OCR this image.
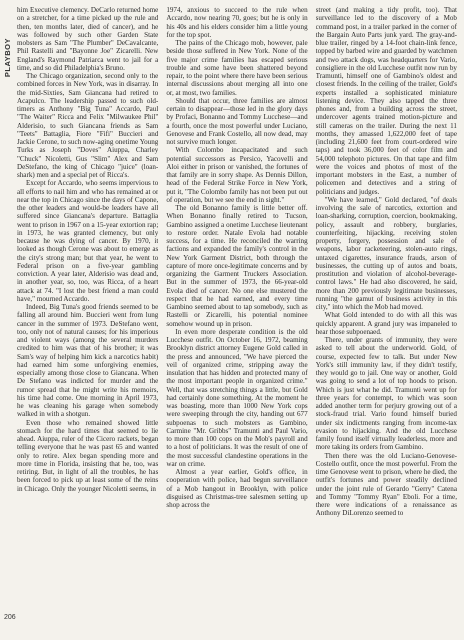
PLAYBOY

him Executive clemency. DeCarlo returned home on a stretcher, for a time picked up the rule and then, ten months later, died of cancer), and he was followed by such other Garden State mobsters as Sam "The Plumber" DeCavalcante, Phil Rastelli and "Bayonne Joe" Zicarelli. New England's Raymond Patriarca went to jail for a time, and so did Philadelphia's Bruno.

The Chicago organization, second only to the combined forces in New York, was in disarray. In the mid-Sixties, Sam Giancana had retired to Acapulco. The leadership passed to such old-timers as Anthony "Big Tuna" Accardo, Paul "The Waiter" Ricca and Felix "Milwaukee Phil" Alderisio, to such Giancana friends as Sam "Teets" Battaglia, Fiore "Fifi" Buccieri and Jackie Cerone, to such now-aging onetime Young Turks as Joseph "Doves" Aiuppa, Charley "Chuck" Nicoletti, Gus "Slim" Alex and Sam DeStefano, the king of Chicago "juice" (loan-shark) men and a special pet of Ricca's.

Except for Accardo, who seems impervious to all efforts to nail him and who has remained at or near the top in Chicago since the days of Capone, the other leaders and would-be leaders have all suffered since Giancana's departure. Battaglia went to prison in 1967 on a 15-year extortion rap; in 1973, he was granted clemency, but only because he was dying of cancer. By 1970, it looked as though Cerone was about to emerge as the city's strong man; but that year, he went to Federal prison on a five-year gambling conviction. A year later, Alderisio was dead and, in another year, so, too, was Ricca, of a heart attack at 74. "I lost the best friend a man could have," mourned Accardo.

Indeed, Big Tuna's good friends seemed to be falling all around him. Buccieri went from lung cancer in the summer of 1973. DeStefano went, too, only not of natural causes; for his imperious and violent ways (among the several murders credited to him was that of his brother; it was Sam's way of helping him kick a narcotics habit) had earned him some unforgiving enemies, especially among those close to Giancana. When De Stefano was indicted for murder and the rumor spread that he might write his memoirs, his time had come. One morning in April 1973, he was cleaning his garage when somebody walked in with a shotgun.

Even those who remained showed little stomach for the hard times that seemed to lie ahead. Aiuppa, ruler of the Cicero rackets, began telling everyone that he was past 65 and wanted only to retire. Alex began spending more and more time in Florida, insisting that he, too, was retiring. But, in light of all the troubles, he has been forced to pick up at least some of the reins in Chicago. Only the younger Nicoletti seems, in

1974, anxious to succeed to the rule when Accardo, now nearing 70, goes; but he is only in his 40s and his elders consider him a little young for the top spot.

The pains of the Chicago mob, however, pale beside those suffered in New York. None of the five major crime families has escaped serious trouble and some have been shattered beyond repair, to the point where there have been serious internal discussions about merging all into one or, at most, two families.

Should that occur, three families are almost certain to disappear—those led in the glory days by Profaci, Bonanno and Tommy Lucchese—and a fourth, once the most powerful under Luciano, Genovese and Frank Costello, all now dead, may not survive much longer.

With Colombo incapacitated and such potential successors as Persico, Yacovelli and Aloi either in prison or vanished, the fortunes of that family are in sorry shape. As Dennis Dillon, head of the Federal Strike Force in New York, put it, "The Colombo family has not been put out of operation, but we see the end in sight."

The old Bonanno family is little better off. When Bonanno finally retired to Tucson, Gambino assigned a onetime Lucchese lieutenant to restore order. Natale Evola had notable success, for a time. He reconciled the warring factions and expanded the family's control in the New York Garment District, both through the capture of more once-legitimate concerns and by organizing the Garment Truckers Association. But in the summer of 1973, the 66-year-old Evola died of cancer. No one else mustered the respect that he had earned, and every time Gambino seemed about to tap somebody, such as Rastelli or Zicarelli, his potential nominee somehow wound up in prison.

In even more desperate condition is the old Lucchese outfit. On October 16, 1972, beaming Brooklyn district attorney Eugene Gold called in the press and announced, "We have pierced the veil of organized crime, stripping away the insulation that has hidden and protected many of the most important people in organized crime." Well, that was stretching things a little, but Gold had certainly done something. At the moment he was boasting, more than 1000 New York cops were sweeping through the city, handing out 677 subpoenas to such mobsters as Gambino, Carmine "Mr. Gribbs" Tramunti and Paul Vario, to more than 100 cops on the Mob's payroll and to a host of politicians. It was the result of one of the most successful clandestine operations in the war on crime.

Almost a year earlier, Gold's office, in cooperation with police, had begun surveillance of a Mob hangout in Brooklyn, with police disguised as Christmas-tree salesmen setting up shop across the

street (and making a tidy profit, too). That surveillance led to the discovery of a Mob command post, in a trailer parked in the corner of the Bargain Auto Parts junk yard. The gray-and-blue trailer, ringed by a 14-foot chain-link fence, topped by barbed wire and guarded by watchmen and two attack dogs, was headquarters for Vario, consigliere in the old Lucchese outfit now run by Tramunti, himself one of Gambino's oldest and closest friends. In the ceiling of the trailer, Gold's experts installed a sophisticated miniature listening device. They also tapped the three phones and, from a building across the street, undercover agents trained motion-picture and still cameras on the trailer. During the next 11 months, they amassed 1,622,000 feet of tape (including 21,600 feet from court-ordered wire taps) and took 36,000 feet of color film and 54,000 telephoto pictures. On that tape and film were the voices and photos of most of the important mobsters in the East, a number of policemen and detectives and a string of politicians and judges.

"We have learned," Gold declared, "of deals involving the sale of narcotics, extortion and loan-sharking, corruption, coercion, bookmaking, policy, assault and robbery, burglaries, counterfeiting, hijacking, receiving stolen property, forgery, possession and sale of weapons, labor racketeering, stolen-auto rings, untaxed cigarettes, insurance frauds, arson of businesses, the cutting up of autos and boats, prostitution and violation of alcohol-beverage-control laws." He had also discovered, he said, more than 200 previously legitimate businesses, running "the gamut of business activity in this city," into which the Mob had moved.

What Gold intended to do with all this was quickly apparent. A grand jury was impaneled to hear those subpoenaed.

There, under grants of immunity, they were asked to tell about the underworld. Gold, of course, expected few to talk. But under New York's still immunity law, if they didn't testify, they would go to jail. One way or another, Gold was going to send a lot of top hoods to prison. Which is just what he did. Tramunti went up for three years for contempt, to which was soon added another term for perjury growing out of a stock-fraud trial. Vario found himself buried under six indictments ranging from income-tax evasion to hijacking. And the old Lucchese family found itself virtually leaderless, more and more taking its orders from Gambino.

Then there was the old Luciano-Genovese-Costello outfit, once the most powerful. From the time Genovese went to prison, where he died, the outfit's fortunes and power steadily declined under the joint rule of Gerardo "Gerry" Catena and Tommy "Tommy Ryan" Eboli. For a time, there were indications of a renaissance as Anthony DiLorenzo seemed to

206
